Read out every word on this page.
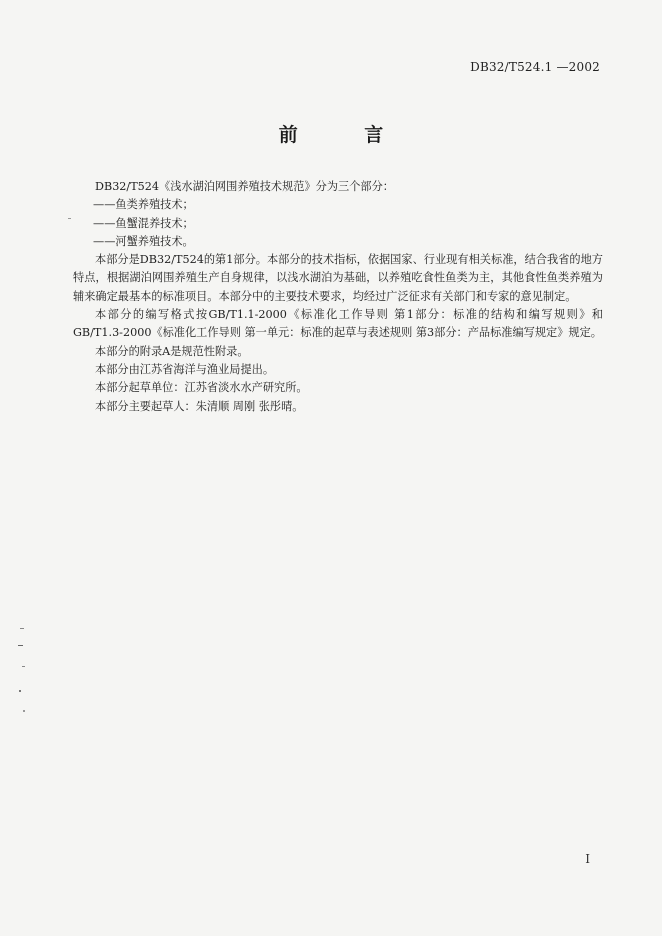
DB32/T524.1 —2002
前 言

DB32/T524《浅水湖泊网围养殖技术规范》分为三个部分：

——鱼类养殖技术；
——鱼蟹混养技术；
——河蟹养殖技术。

本部分是DB32/T524的第1部分。本部分的技术指标，依据国家、行业现有相关标准，结合我省的地方特点，根据湖泊网围养殖生产自身规律，以浅水湖泊为基础，以养殖吃食性鱼类为主，其他食性鱼类养殖为辅来确定最基本的标准项目。本部分中的主要技术要求，均经过广泛征求有关部门和专家的意见制定。

本部分的编写格式按GB/T1.1-2000《标准化工作导则 第1部分：标准的结构和编写规则》和GB/T1.3-2000《标准化工作导则 第一单元：标准的起草与表述规则 第3部分：产品标准编写规定》规定。

本部分的附录A是规范性附录。

本部分由江苏省海洋与渔业局提出。

本部分起草单位：江苏省淡水水产研究所。

本部分主要起草人：朱清顺 周刚 张彤晴。

I
